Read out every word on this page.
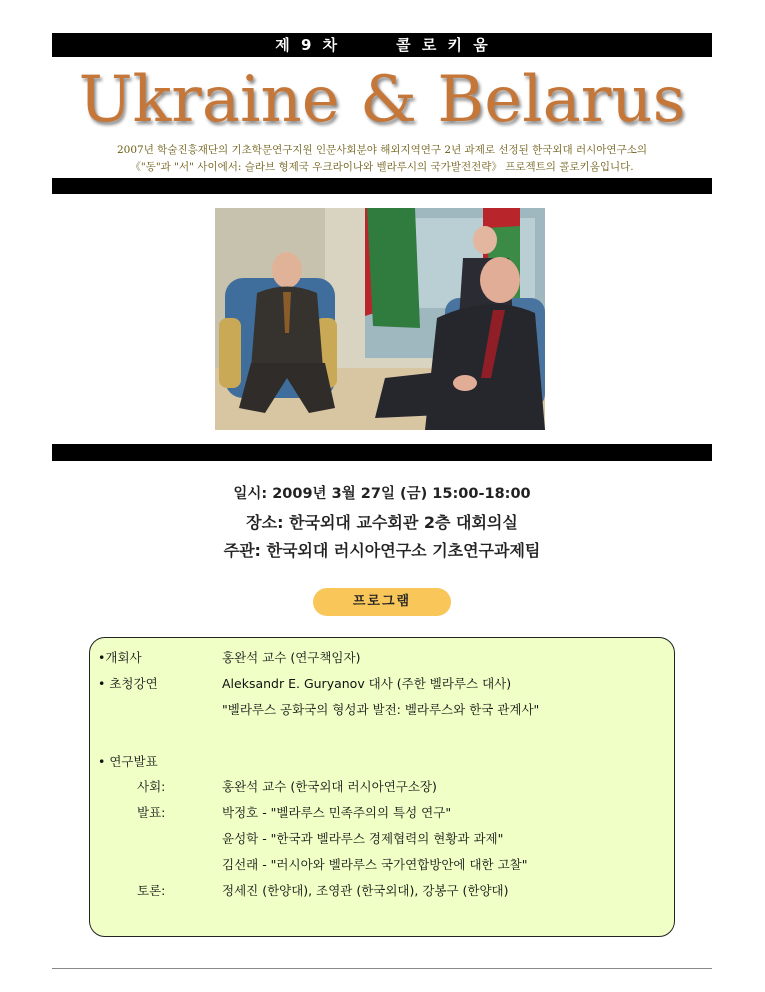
제 9 차	콜 로 키 움
Ukraine & Belarus
2007년 학술진흥재단의 기초학문연구지원 인문사회분야 해외지역연구 2년 과제로 선정된 한국외대 러시아연구소의
《"동"과 "서" 사이에서: 슬라브 형제국 우크라이나와 벨라루시의 국가발전전략》 프로젝트의 콜로키움입니다.
일시: 2009년 3월 27일 (금) 15:00-18:00
장소: 한국외대 교수회관 2층 대회의실
주관: 한국외대 러시아연구소 기초연구과제팀
프로그램
•개회사	홍완석 교수 (연구책임자)
• 초청강연	Aleksandr E. Guryanov 대사 (주한 벨라루스 대사)
"벨라루스 공화국의 형성과 발전: 벨라루스와 한국 관계사"
• 연구발표
사회:	홍완석 교수 (한국외대 러시아연구소장)
발표:	박정호 - "벨라루스 민족주의의 특성 연구"
윤성학 - "한국과 벨라루스 경제협력의 현황과 과제"
김선래 - "러시아와 벨라루스 국가연합방안에 대한 고찰"
토론:	정세진 (한양대), 조영관 (한국외대), 강봉구 (한양대)
